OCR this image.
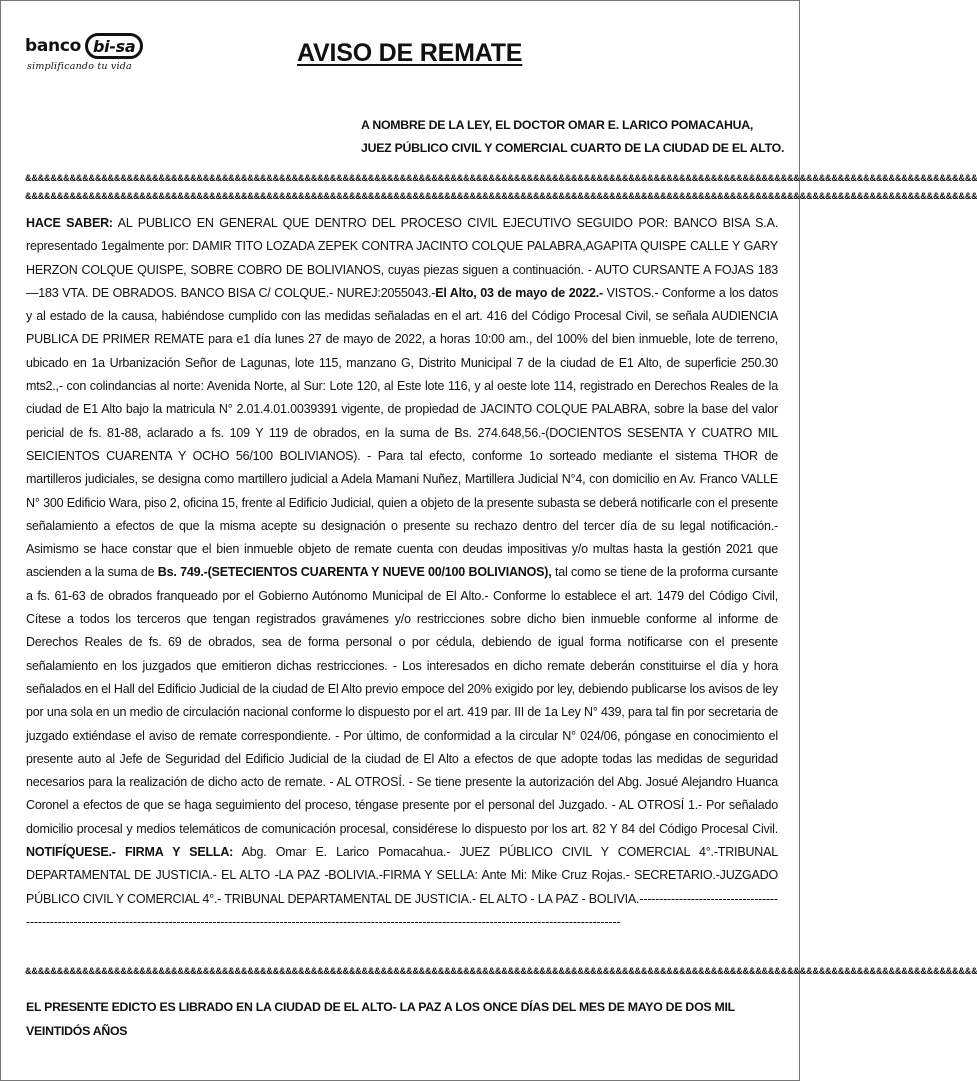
banco bi-sa
simplificando tu vida	AVISO DE REMATE
A NOMBRE DE LA LEY, EL DOCTOR OMAR E. LARICO POMACAHUA, JUEZ PÚBLICO CIVIL Y COMERCIAL CUARTO DE LA CIUDAD DE EL ALTO.
&&&&&&&&&&&&&&&&&&&&&&&&&&&&&&&&&&&&&&&&&&&&&&&&&&&&&&&&&&&&&&&&&&&&&&&&&&&&&&&&&&&&&&&&&&&&&&&&&&&&&&&&&&&&&&&&&&&&&&&&&&&&&&&&&&&&&&&&&&&&&&&&&&&&&&
&&&&&&&&&&&&&&&&&&&&&&&&&&&&&&&&&&&&&&&&&&&&&&&&&&&&&&&&&&&&&&&&&&&&&&&&&&&&&&&&&&&&&&&&&&&&&&&&&&&&&&&&&&&&&&&&&&&&&&&&&&&&&&&&&&&&&&&&&&&&&&&&&&&&&&
HACE SABER: AL PUBLICO EN GENERAL QUE DENTRO DEL PROCESO CIVIL EJECUTIVO SEGUIDO POR: BANCO BISA S.A. representado 1egalmente por: DAMIR TITO LOZADA ZEPEK CONTRA JACINTO COLQUE PALABRA,AGAPITA QUISPE CALLE Y GARY HERZON COLQUE QUISPE, SOBRE COBRO DE BOLIVIANOS, cuyas piezas siguen a continuación. - AUTO CURSANTE A FOJAS 183 ―183 VTA. DE OBRADOS. BANCO BISA C/ COLQUE.- NUREJ:2055043.-El Alto, 03 de mayo de 2022.- VISTOS.- Conforme a los datos y al estado de la causa, habiéndose cumplido con las medidas señaladas en el art. 416 del Código Procesal Civil, se señala AUDIENCIA PUBLICA DE PRIMER REMATE para e1 día lunes 27 de mayo de 2022, a horas 10:00 am., del 100% del bien inmueble, lote de terreno, ubicado en 1a Urbanización Señor de Lagunas, lote 115, manzano G, Distrito Municipal 7 de la ciudad de E1 Alto, de superficie 250.30 mts2.,- con colindancias al norte: Avenida Norte, al Sur: Lote 120, al Este lote 116, y al oeste lote 114, registrado en Derechos Reales de la ciudad de E1 Alto bajo la matricula N° 2.01.4.01.0039391 vigente, de propiedad de JACINTO COLQUE PALABRA, sobre la base del valor pericial de fs. 81-88, aclarado a fs. 109 Y 119 de obrados, en la suma de Bs. 274.648,56.-(DOCIENTOS SESENTA Y CUATRO MIL SEICIENTOS CUARENTA Y OCHO 56/100 BOLIVIANOS). - Para tal efecto, conforme 1o sorteado mediante el sistema THOR de martilleros judiciales, se designa como martillero judicial a Adela Mamani Nuñez, Martillera Judicial N°4, con domicilio en Av. Franco VALLE N° 300 Edificio Wara, piso 2, oficina 15, frente al Edificio Judicial, quien a objeto de la presente subasta se deberá notificarle con el presente señalamiento a efectos de que la misma acepte su designación o presente su rechazo dentro del tercer día de su legal notificación.- Asimismo se hace constar que el bien inmueble objeto de remate cuenta con deudas impositivas y/o multas hasta la gestión 2021 que ascienden a la suma de Bs. 749.-(SETECIENTOS CUARENTA Y NUEVE 00/100 BOLIVIANOS), tal como se tiene de la proforma cursante a fs. 61-63 de obrados franqueado por el Gobierno Autónomo Municipal de El Alto.- Conforme lo establece el art. 1479 del Código Civil, Cítese a todos los terceros que tengan registrados gravámenes y/o restricciones sobre dicho bien inmueble conforme al informe de Derechos Reales de fs. 69 de obrados, sea de forma personal o por cédula, debiendo de igual forma notificarse con el presente señalamiento en los juzgados que emitieron dichas restricciones. - Los interesados en dicho remate deberán constituirse el día y hora señalados en el Hall del Edificio Judicial de la ciudad de El Alto previo empoce del 20% exigido por ley, debiendo publicarse los avisos de ley por una sola en un medio de circulación nacional conforme lo dispuesto por el art. 419 par. III de 1a Ley N° 439, para tal fin por secretaria de juzgado extiéndase el aviso de remate correspondiente. - Por último, de conformidad a la circular N° 024/06, póngase en conocimiento el presente auto al Jefe de Seguridad del Edificio Judicial de la ciudad de El Alto a efectos de que adopte todas las medidas de seguridad necesarios para la realización de dicho acto de remate. - AL OTROSÍ. - Se tiene presente la autorización del Abg. Josué Alejandro Huanca Coronel a efectos de que se haga seguimiento del proceso, téngase presente por el personal del Juzgado. - AL OTROSÍ 1.- Por señalado domicilio procesal y medios telemáticos de comunicación procesal, considérese lo dispuesto por los art. 82 Y 84 del Código Procesal Civil. NOTIFÍQUESE.- FIRMA Y SELLA: Abg. Omar E. Larico Pomacahua.- JUEZ PÚBLICO CIVIL Y COMERCIAL 4°.-TRIBUNAL DEPARTAMENTAL DE JUSTICIA.- EL ALTO -LA PAZ -BOLIVIA.-FIRMA Y SELLA: Ante Mi: Mike Cruz Rojas.- SECRETARIO.-JUZGADO PÚBLICO CIVIL Y COMERCIAL 4°.- TRIBUNAL DEPARTAMENTAL DE JUSTICIA.- EL ALTO - LA PAZ - BOLIVIA.-----------------------------------------------------------------------------------------------------------------------------------------------------------------------------------------
&&&&&&&&&&&&&&&&&&&&&&&&&&&&&&&&&&&&&&&&&&&&&&&&&&&&&&&&&&&&&&&&&&&&&&&&&&&&&&&&&&&&&&&&&&&&&&&&&&&&&&&&&&&&&&&&&&&&&&&&&&&&&&&&&&&&&&&&&&&&&&&&&&&&&&
EL PRESENTE EDICTO ES LIBRADO EN LA CIUDAD DE EL ALTO- LA PAZ A LOS ONCE DÍAS DEL MES DE MAYO DE DOS MIL VEINTIDÓS AÑOS
